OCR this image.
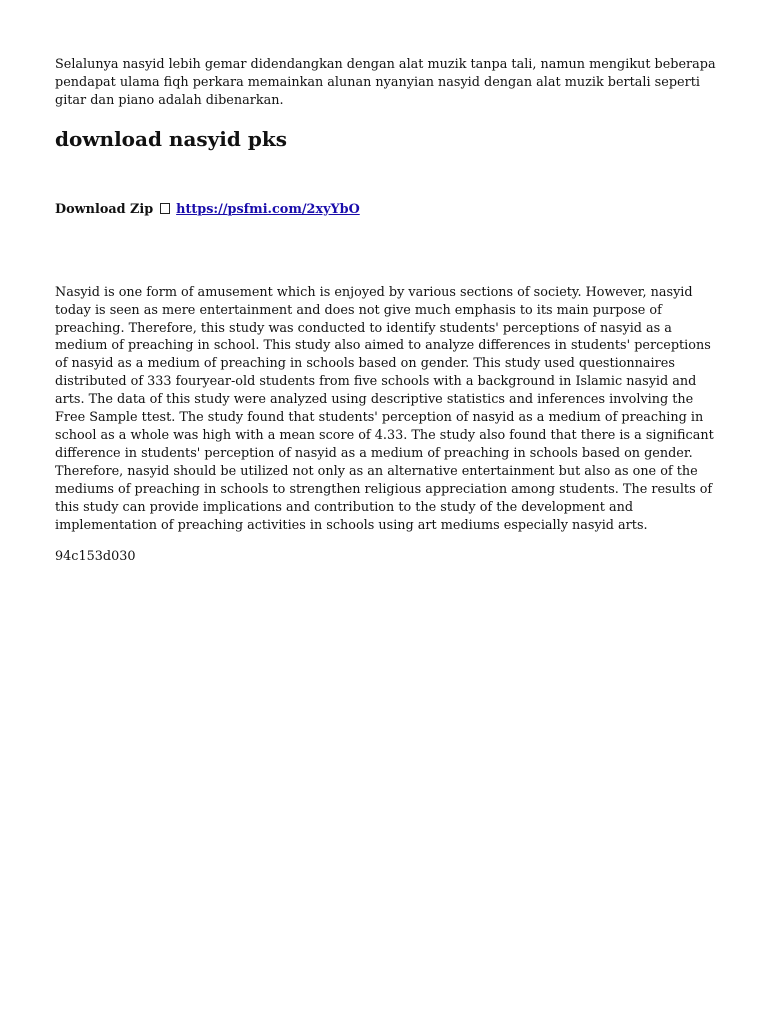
Selalunya nasyid lebih gemar didendangkan dengan alat muzik tanpa tali, namun mengikut beberapa pendapat ulama fiqh perkara memainkan alunan nyanyian nasyid dengan alat muzik bertali seperti gitar dan piano adalah dibenarkan.

download nasyid pks

Download Zip https://psfmi.com/2xyYbO

Nasyid is one form of amusement which is enjoyed by various sections of society. However, nasyid today is seen as mere entertainment and does not give much emphasis to its main purpose of preaching. Therefore, this study was conducted to identify students' perceptions of nasyid as a medium of preaching in school. This study also aimed to analyze differences in students' perceptions of nasyid as a medium of preaching in schools based on gender. This study used questionnaires distributed of 333 fouryear-old students from five schools with a background in Islamic nasyid and arts. The data of this study were analyzed using descriptive statistics and inferences involving the Free Sample ttest. The study found that students' perception of nasyid as a medium of preaching in school as a whole was high with a mean score of 4.33. The study also found that there is a significant difference in students' perception of nasyid as a medium of preaching in schools based on gender. Therefore, nasyid should be utilized not only as an alternative entertainment but also as one of the mediums of preaching in schools to strengthen religious appreciation among students. The results of this study can provide implications and contribution to the study of the development and implementation of preaching activities in schools using art mediums especially nasyid arts.

94c153d030
